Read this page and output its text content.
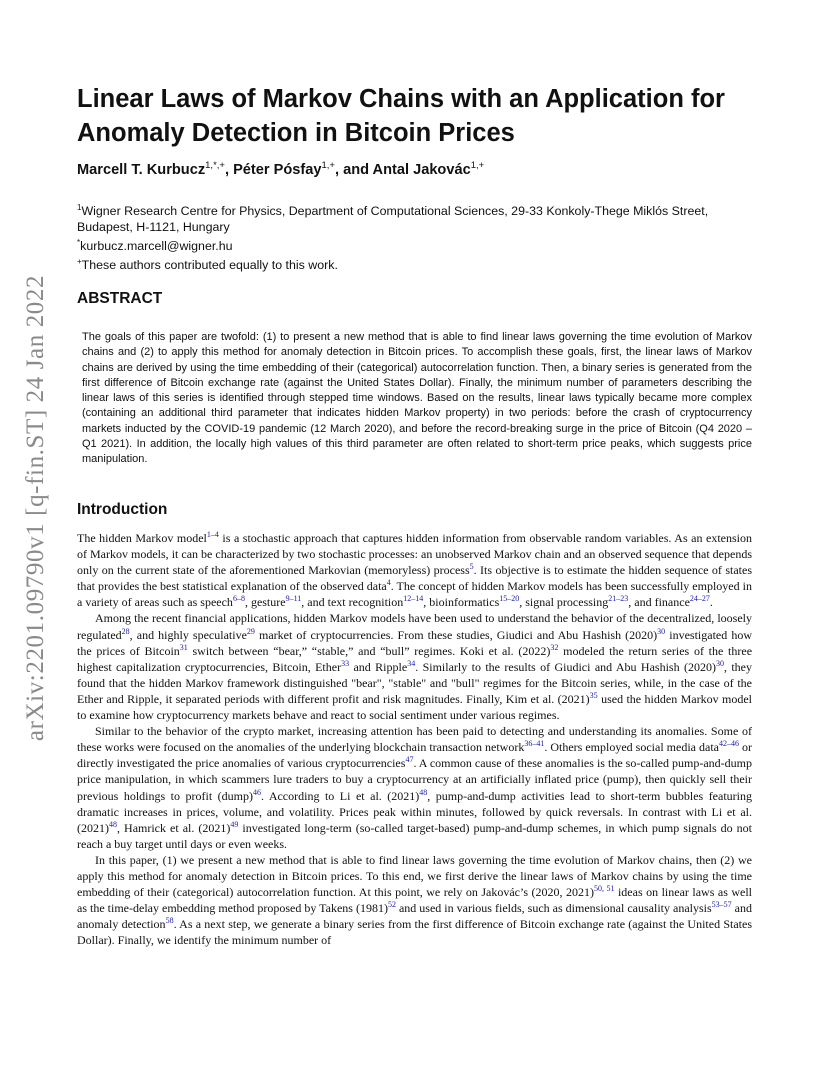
arXiv:2201.09790v1 [q-fin.ST] 24 Jan 2022
Linear Laws of Markov Chains with an Application for Anomaly Detection in Bitcoin Prices

Marcell T. Kurbucz$^{1,*,+}$, Péter Pósfay$^{1,+}$, and Antal Jakovác$^{1,+}$

$^1$Wigner Research Centre for Physics, Department of Computational Sciences, 29-33 Konkoly-Thege Miklós Street, Budapest, H-1121, Hungary

*kurbucz.marcell@wigner.hu

+These authors contributed equally to this work.

ABSTRACT

The goals of this paper are twofold: (1) to present a new method that is able to find linear laws governing the time evolution of Markov chains and (2) to apply this method for anomaly detection in Bitcoin prices. To accomplish these goals, first, the linear laws of Markov chains are derived by using the time embedding of their (categorical) autocorrelation function. Then, a binary series is generated from the first difference of Bitcoin exchange rate (against the United States Dollar). Finally, the minimum number of parameters describing the linear laws of this series is identified through stepped time windows. Based on the results, linear laws typically became more complex (containing an additional third parameter that indicates hidden Markov property) in two periods: before the crash of cryptocurrency markets inducted by the COVID-19 pandemic (12 March 2020), and before the record-breaking surge in the price of Bitcoin (Q4 2020 – Q1 2021). In addition, the locally high values of this third parameter are often related to short-term price peaks, which suggests price manipulation.

Introduction

The hidden Markov model$^{1-4}$ is a stochastic approach that captures hidden information from observable random variables. As an extension of Markov models, it can be characterized by two stochastic processes: an unobserved Markov chain and an observed sequence that depends only on the current state of the aforementioned Markovian (memoryless) process$^5$. Its objective is to estimate the hidden sequence of states that provides the best statistical explanation of the observed data$^4$. The concept of hidden Markov models has been successfully employed in a variety of areas such as speech$^{6-8}$, gesture$^{9-11}$, and text recognition$^{12-14}$, bioinformatics$^{15-20}$, signal processing$^{21-23}$, and finance$^{24-27}$.

Among the recent financial applications, hidden Markov models have been used to understand the behavior of the decentralized, loosely regulated$^{28}$, and highly speculative$^{29}$ market of cryptocurrencies. From these studies, Giudici and Abu Hashish (2020)$^{30}$ investigated how the prices of Bitcoin$^{31}$ switch between “bear,” “stable,” and “bull” regimes. Koki et al. (2022)$^{32}$ modeled the return series of the three highest capitalization cryptocurrencies, Bitcoin, Ether$^{33}$ and Ripple$^{34}$. Similarly to the results of Giudici and Abu Hashish (2020)$^{30}$, they found that the hidden Markov framework distinguished "bear", "stable" and "bull" regimes for the Bitcoin series, while, in the case of the Ether and Ripple, it separated periods with different profit and risk magnitudes. Finally, Kim et al. (2021)$^{35}$ used the hidden Markov model to examine how cryptocurrency markets behave and react to social sentiment under various regimes.

Similar to the behavior of the crypto market, increasing attention has been paid to detecting and understanding its anomalies. Some of these works were focused on the anomalies of the underlying blockchain transaction network$^{36-41}$. Others employed social media data$^{42-46}$ or directly investigated the price anomalies of various cryptocurrencies$^{47}$. A common cause of these anomalies is the so-called pump-and-dump price manipulation, in which scammers lure traders to buy a cryptocurrency at an artificially inflated price (pump), then quickly sell their previous holdings to profit (dump)$^{46}$. According to Li et al. (2021)$^{48}$, pump-and-dump activities lead to short-term bubbles featuring dramatic increases in prices, volume, and volatility. Prices peak within minutes, followed by quick reversals. In contrast with Li et al. (2021)$^{48}$, Hamrick et al. (2021)$^{49}$ investigated long-term (so-called target-based) pump-and-dump schemes, in which pump signals do not reach a buy target until days or even weeks.

In this paper, (1) we present a new method that is able to find linear laws governing the time evolution of Markov chains, then (2) we apply this method for anomaly detection in Bitcoin prices. To this end, we first derive the linear laws of Markov chains by using the time embedding of their (categorical) autocorrelation function. At this point, we rely on Jakovác’s (2020, 2021)$^{50, 51}$ ideas on linear laws as well as the time-delay embedding method proposed by Takens (1981)$^{52}$ and used in various fields, such as dimensional causality analysis$^{53-57}$ and anomaly detection$^{58}$. As a next step, we generate a binary series from the first difference of Bitcoin exchange rate (against the United States Dollar). Finally, we identify the minimum number of
